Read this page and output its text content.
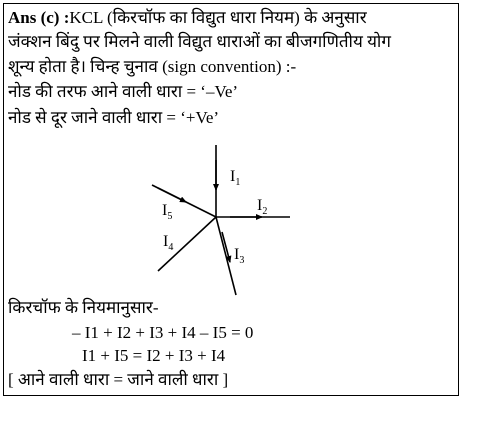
Ans (c) :KCL (किरचॉफ का विद्युत धारा नियम) के अनुसार
जंक्शन बिंदु पर मिलने वाली विद्युत धाराओं का बीजगणितीय योग
शून्य होता है। चिन्ह चुनाव (sign convention) :-
नोड की तरफ आने वाली धारा = ‘–Ve’
नोड से दूर जाने वाली धारा = ‘+Ve’
$I_1$
$I_2$
$I_3$
$I_4$
$I_5$
किरचॉफ के नियमानुसार-
– I1 + I2 + I3 + I4 – I5 = 0
I1 + I5 = I2 + I3 + I4
[ आने वाली धारा = जाने वाली धारा ]
